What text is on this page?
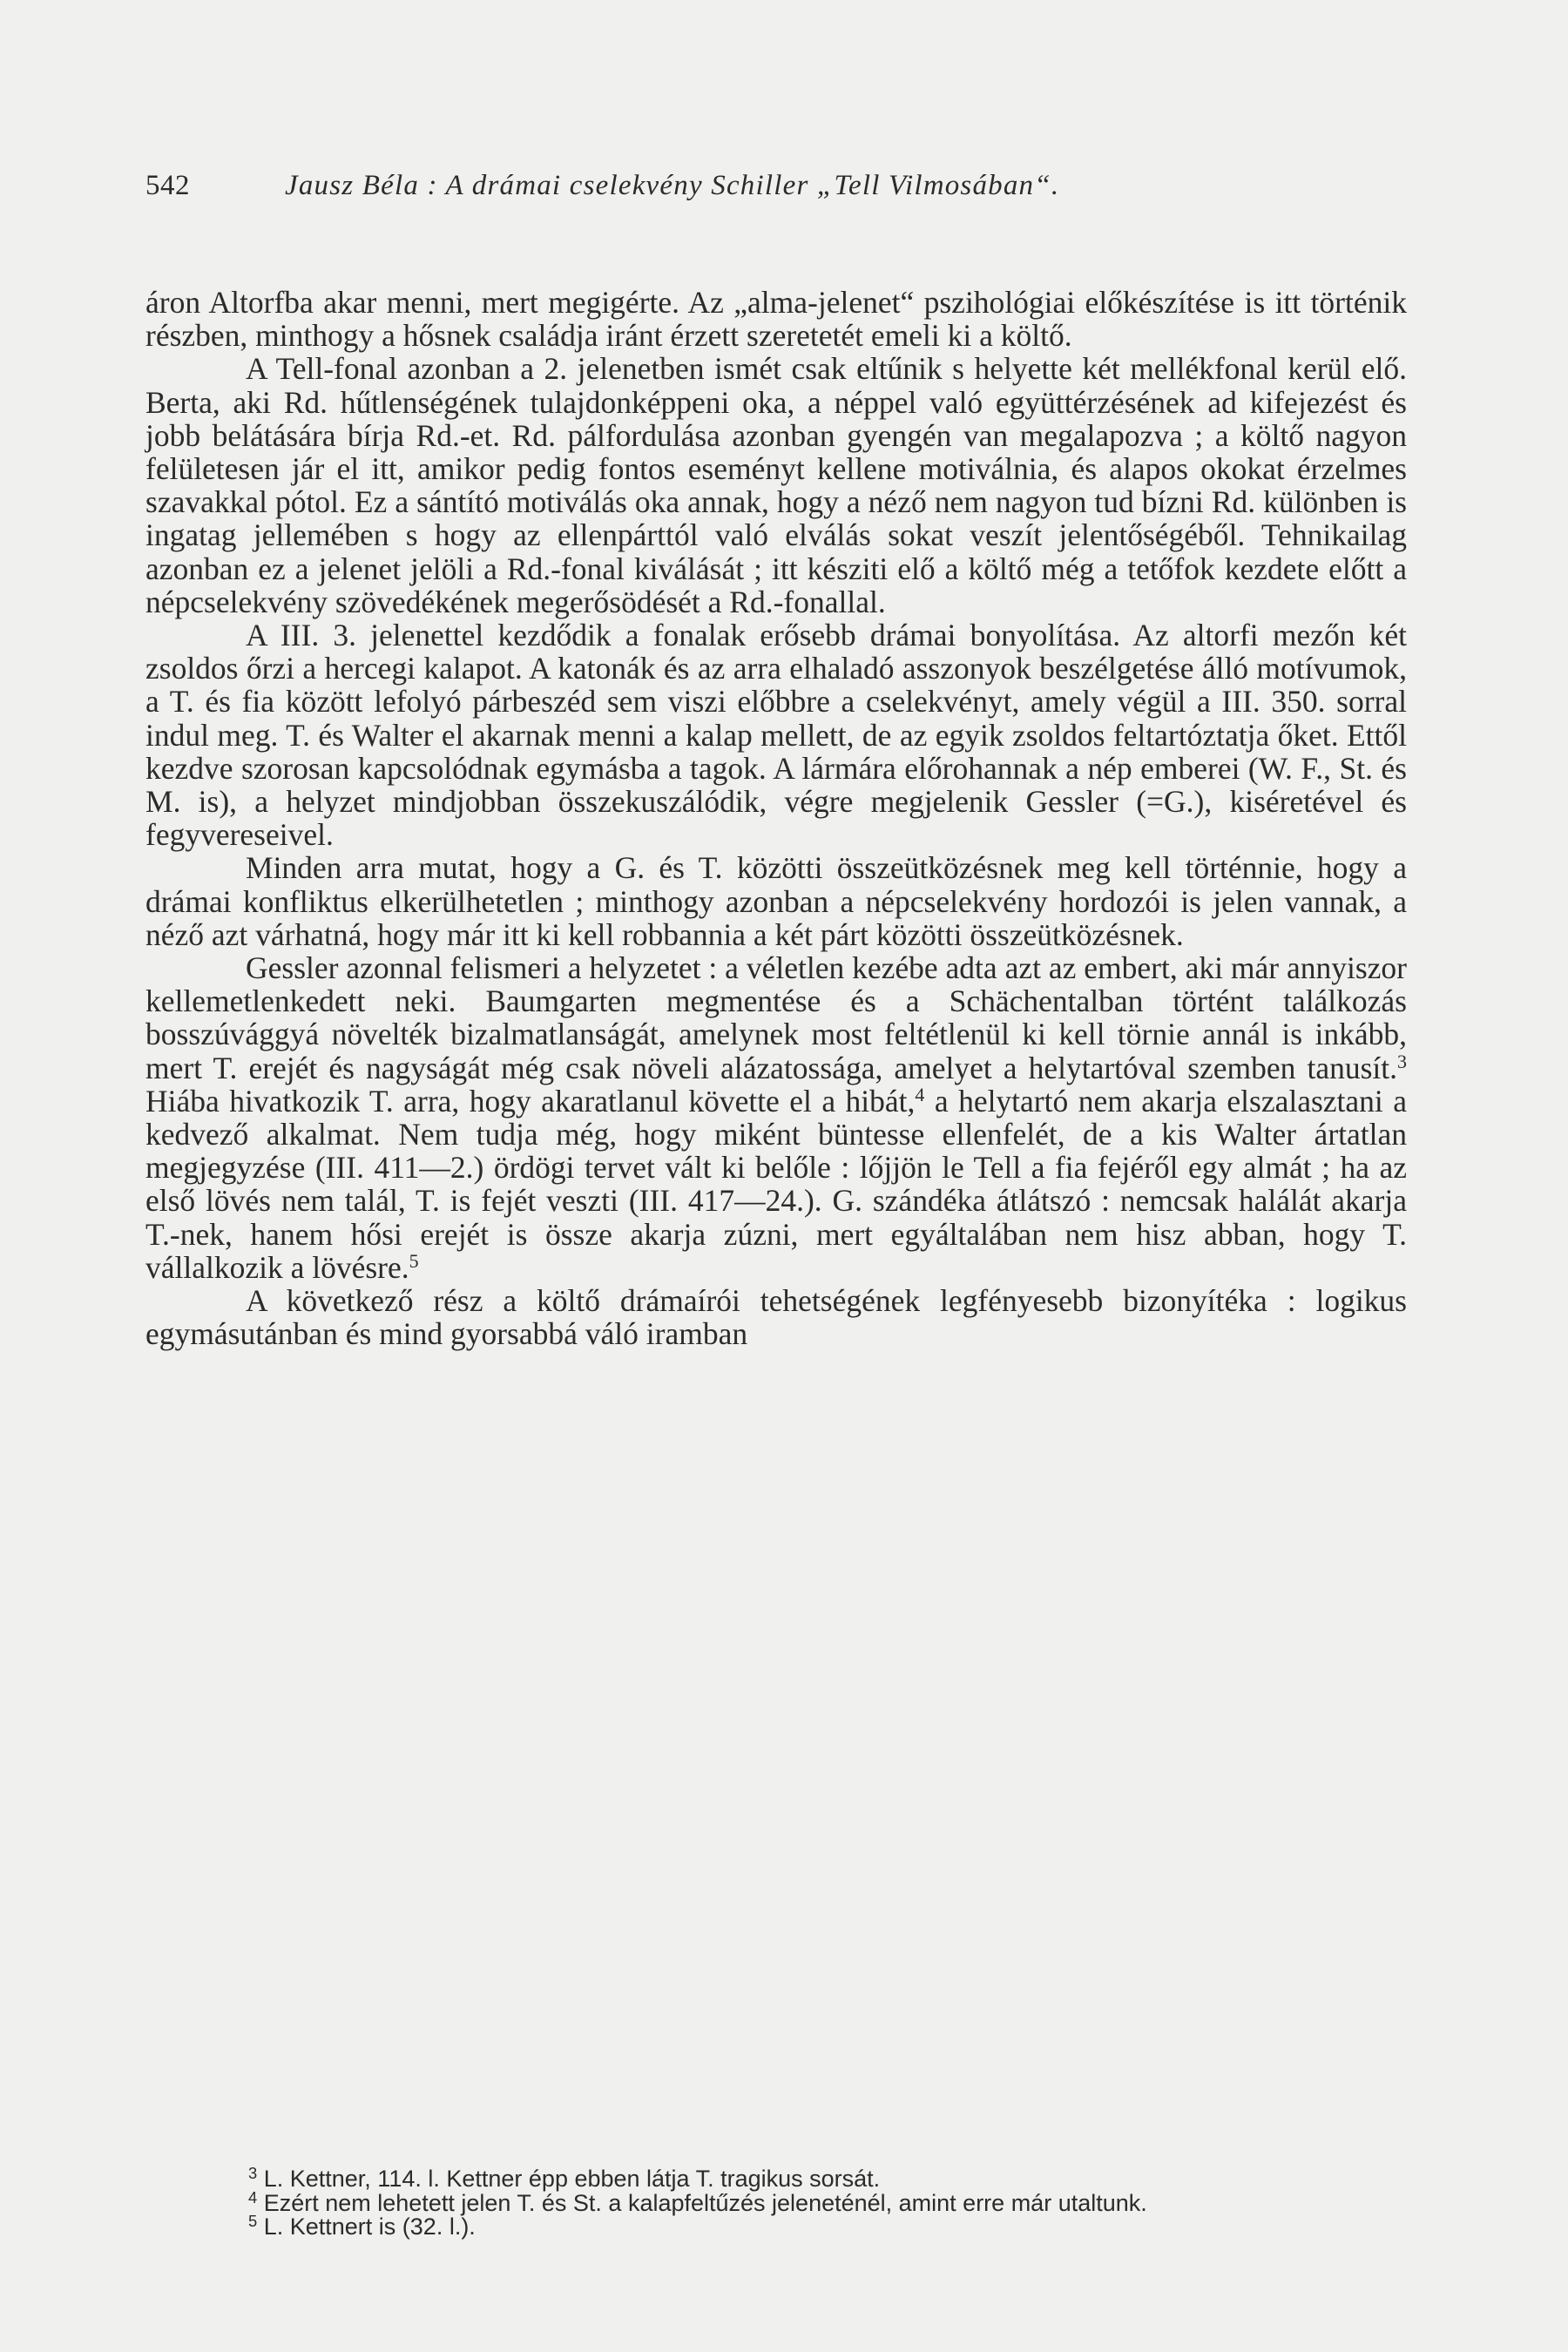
542	Jausz Béla : A drámai cselekvény Schiller „Tell Vilmosában“.

áron Altorfba akar menni, mert megigérte. Az „alma-jelenet“ pszihológiai előkészítése is itt történik részben, minthogy a hősnek családja iránt érzett szeretetét emeli ki a költő.

A Tell-fonal azonban a 2. jelenetben ismét csak eltűnik s helyette két mellékfonal kerül elő. Berta, aki Rd. hűtlenségének tulajdonképpeni oka, a néppel való együttérzésének ad kifejezést és jobb belátására bírja Rd.-et. Rd. pálfordulása azonban gyengén van megalapozva ; a költő nagyon felületesen jár el itt, amikor pedig fontos eseményt kellene motiválnia, és alapos okokat érzelmes szavakkal pótol. Ez a sántító motiválás oka annak, hogy a néző nem nagyon tud bízni Rd. különben is ingatag jellemében s hogy az ellenpárttól való elválás sokat veszít jelentőségéből. Tehnikailag azonban ez a jelenet jelöli a Rd.-fonal kiválását ; itt késziti elő a költő még a tetőfok kezdete előtt a népcselekvény szövedékének megerősödését a Rd.-fonallal.

A III. 3. jelenettel kezdődik a fonalak erősebb drámai bonyolítása. Az altorfi mezőn két zsoldos őrzi a hercegi kalapot. A katonák és az arra elhaladó asszonyok beszélgetése álló motívumok, a T. és fia között lefolyó párbeszéd sem viszi előbbre a cselekvényt, amely végül a III. 350. sorral indul meg. T. és Walter el akarnak menni a kalap mellett, de az egyik zsoldos feltartóztatja őket. Ettől kezdve szorosan kapcsolódnak egymásba a tagok. A lármára előrohannak a nép emberei (W. F., St. és M. is), a helyzet mindjobban összekuszálódik, végre megjelenik Gessler (=G.), kiséretével és fegyvereseivel.

Minden arra mutat, hogy a G. és T. közötti összeütközésnek meg kell történnie, hogy a drámai konfliktus elkerülhetetlen ; minthogy azonban a népcselekvény hordozói is jelen vannak, a néző azt várhatná, hogy már itt ki kell robbannia a két párt közötti összeütközésnek.

Gessler azonnal felismeri a helyzetet : a véletlen kezébe adta azt az embert, aki már annyiszor kellemetlenkedett neki. Baumgarten megmentése és a Schächentalban történt találkozás bosszúvággyá növelték bizalmatlanságát, amelynek most feltétlenül ki kell törnie annál is inkább, mert T. erejét és nagyságát még csak növeli alázatossága, amelyet a helytartóval szemben tanusít.$^3$ Hiába hivatkozik T. arra, hogy akaratlanul követte el a hibát,$^4$ a helytartó nem akarja elszalasztani a kedvező alkalmat. Nem tudja még, hogy miként büntesse ellenfelét, de a kis Walter ártatlan megjegyzése (III. 411—2.) ördögi tervet vált ki belőle : lőjjön le Tell a fia fejéről egy almát ; ha az első lövés nem talál, T. is fejét veszti (III. 417—24.). G. szándéka átlátszó : nemcsak halálát akarja T.-nek, hanem hősi erejét is össze akarja zúzni, mert egyáltalában nem hisz abban, hogy T. vállalkozik a lövésre.$^5$

A következő rész a költő drámaírói tehetségének legfényesebb bizonyítéka : logikus egymásutánban és mind gyorsabbá váló iramban

$^3$ L. Kettner, 114. l. Kettner épp ebben látja T. tragikus sorsát.

$^4$ Ezért nem lehetett jelen T. és St. a kalapfeltűzés jeleneténél, amint erre már utaltunk.

$^5$ L. Kettnert is (32. l.).
